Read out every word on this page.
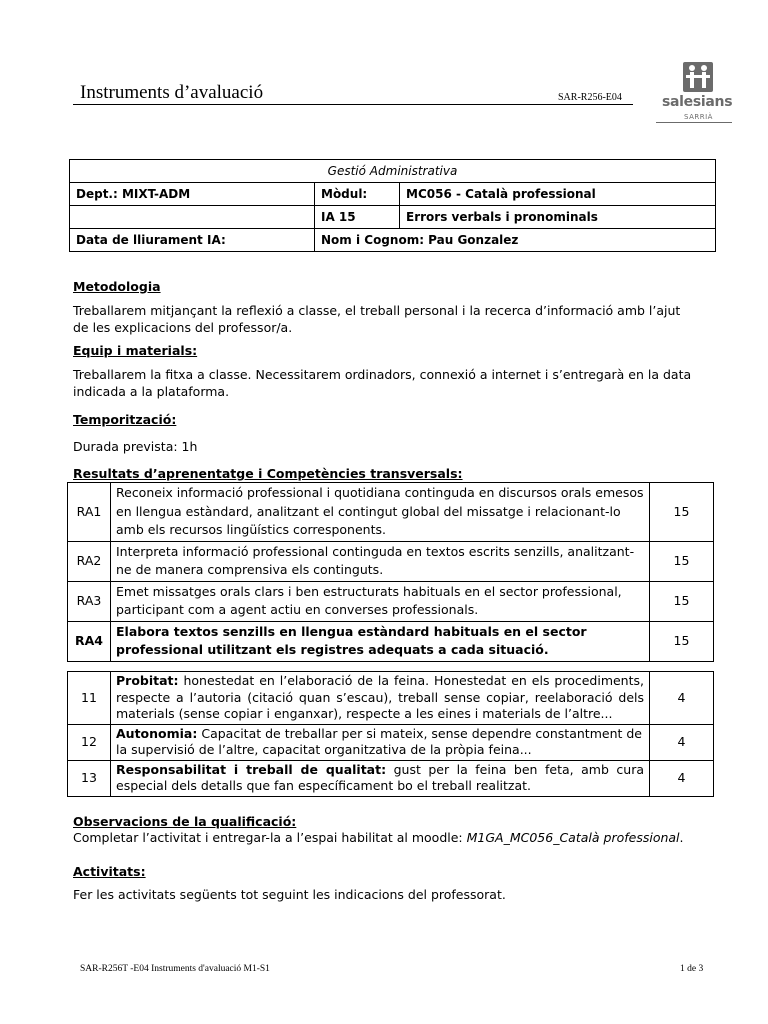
Instruments d’avaluació	SAR-R256-E04	salesians
SARRIÀ
Gestió Administrativa		
Dept.: MIXT-ADM	Mòdul:	MC056 - Català professional
	IA 15	Errors verbals i pronominals
Data de lliurament IA:	Nom i Cognom: Pau Gonzalez	
Metodologia
Treballarem mitjançant la reflexió a classe, el treball personal i la recerca d’informació amb l’ajut de les explicacions del professor/a.
Equip i materials:
Treballarem la fitxa a classe. Necessitarem ordinadors, connexió a internet i s’entregarà en la data indicada a la plataforma.
Temporització:
Durada prevista: 1h
Resultats d’aprenentatge i Competències transversals:
RA1	Reconeix informació professional i quotidiana continguda en discursos orals emesos en llengua estàndard, analitzant el contingut global del missatge i relacionant-lo amb els recursos lingüístics corresponents.	15
RA2	Interpreta informació professional continguda en textos escrits senzills, analitzant-ne de manera comprensiva els continguts.	15
RA3	Emet missatges orals clars i ben estructurats habituals en el sector professional, participant com a agent actiu en converses professionals.	15
RA4	Elabora textos senzills en llengua estàndard habituals en el sector professional utilitzant els registres adequats a cada situació.	15
11	Probitat: honestedat en l’elaboració de la feina. Honestedat en els procediments, respecte a l’autoria (citació quan s’escau), treball sense copiar, reelaboració dels materials (sense copiar i enganxar), respecte a les eines i materials de l’altre...	4
12	Autonomia: Capacitat de treballar per si mateix, sense dependre constantment de la supervisió de l’altre, capacitat organitzativa de la pròpia feina...	4
13	Responsabilitat i treball de qualitat: gust per la feina ben feta, amb cura especial dels detalls que fan específicament bo el treball realitzat.	4
Observacions de la qualificació:
Completar l’activitat i entregar-la a l’espai habilitat al moodle: M1GA_MC056_Català professional.
Activitats:
Fer les activitats següents tot seguint les indicacions del professorat.
SAR-R256T -E04 Instruments d'avaluació M1-S1	1 de 3
